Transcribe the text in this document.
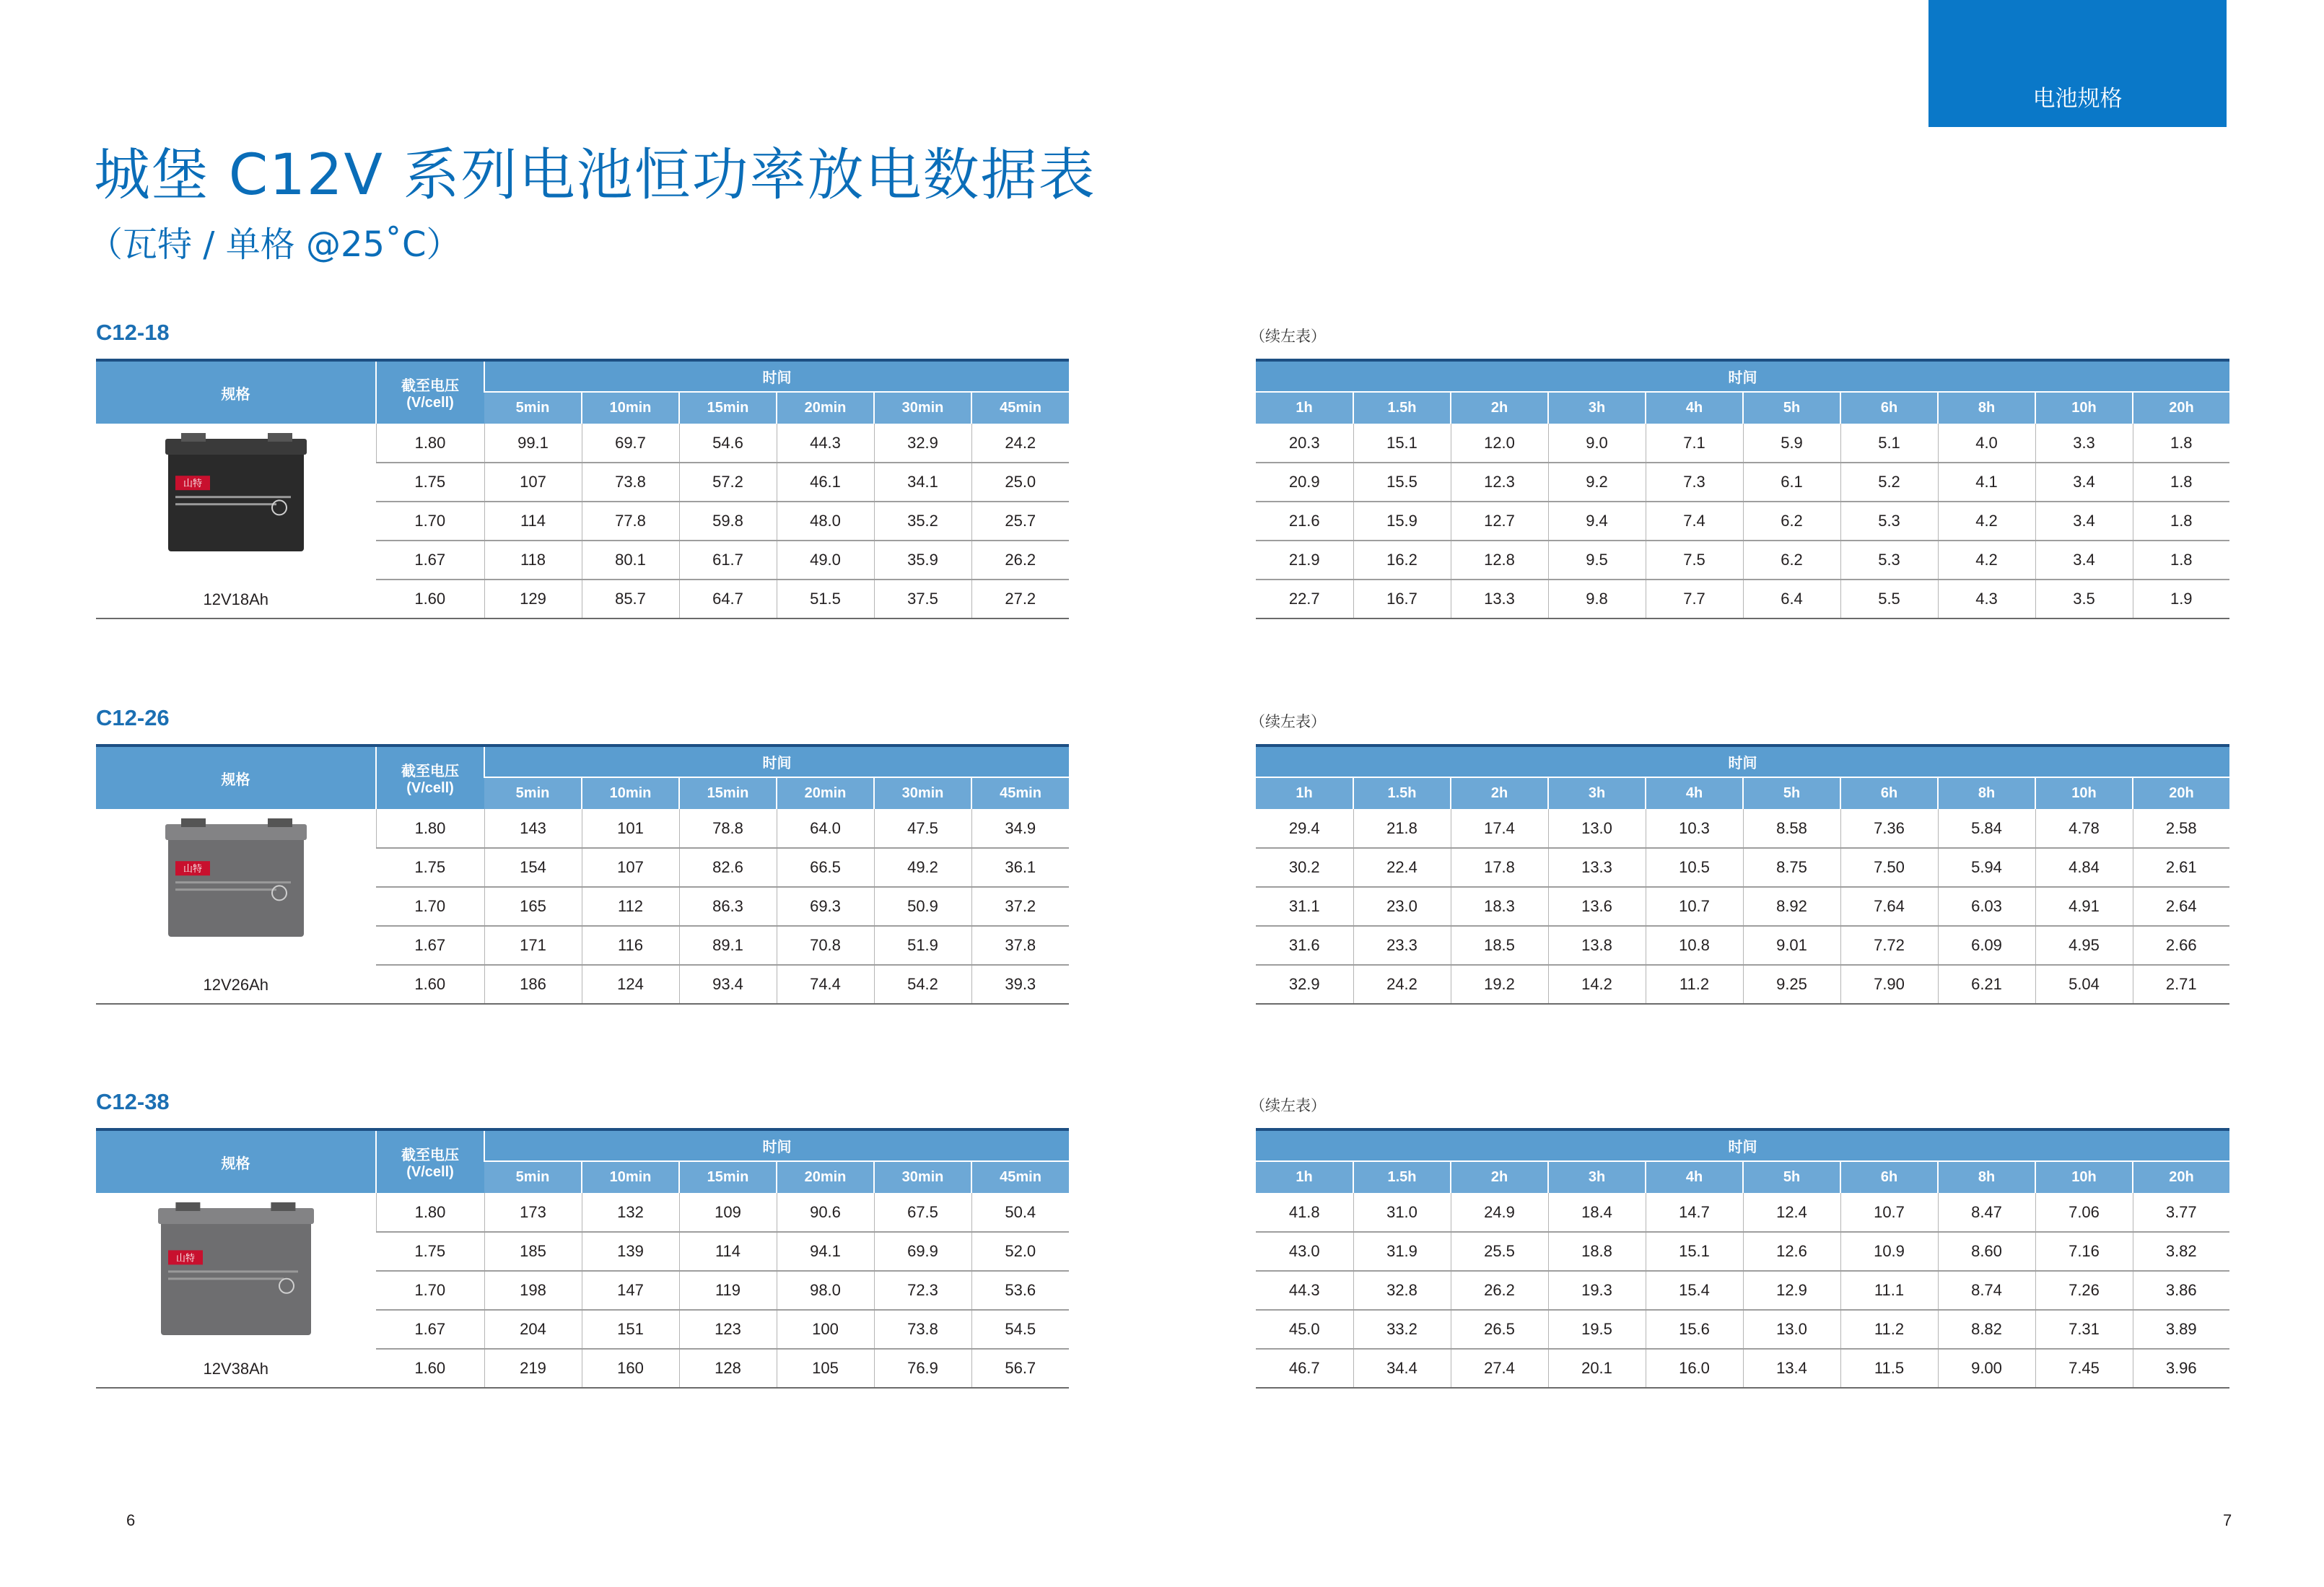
电池规格
城堡 C12V 系列电池恒功率放电数据表
（瓦特 / 单格 @25˚C）
C12-18	（续左表）
规格	截至电压
(V/cell)	时间					
		5min	10min	15min	20min	30min	45min

山特
12V18Ah	1.80	99.1	69.7	54.6	44.3	32.9	24.2
	1.75	107	73.8	57.2	46.1	34.1	25.0
	1.70	114	77.8	59.8	48.0	35.2	25.7
	1.67	118	80.1	61.7	49.0	35.9	26.2
	1.60	129	85.7	64.7	51.5	37.5	27.2
时间									
1h	1.5h	2h	3h	4h	5h	6h	8h	10h	20h
20.3	15.1	12.0	9.0	7.1	5.9	5.1	4.0	3.3	1.8
20.9	15.5	12.3	9.2	7.3	6.1	5.2	4.1	3.4	1.8
21.6	15.9	12.7	9.4	7.4	6.2	5.3	4.2	3.4	1.8
21.9	16.2	12.8	9.5	7.5	6.2	5.3	4.2	3.4	1.8
22.7	16.7	13.3	9.8	7.7	6.4	5.5	4.3	3.5	1.9
C12-26	（续左表）
规格	截至电压
(V/cell)	时间					
		5min	10min	15min	20min	30min	45min

山特
12V26Ah	1.80	143	101	78.8	64.0	47.5	34.9
	1.75	154	107	82.6	66.5	49.2	36.1
	1.70	165	112	86.3	69.3	50.9	37.2
	1.67	171	116	89.1	70.8	51.9	37.8
	1.60	186	124	93.4	74.4	54.2	39.3
时间									
1h	1.5h	2h	3h	4h	5h	6h	8h	10h	20h
29.4	21.8	17.4	13.0	10.3	8.58	7.36	5.84	4.78	2.58
30.2	22.4	17.8	13.3	10.5	8.75	7.50	5.94	4.84	2.61
31.1	23.0	18.3	13.6	10.7	8.92	7.64	6.03	4.91	2.64
31.6	23.3	18.5	13.8	10.8	9.01	7.72	6.09	4.95	2.66
32.9	24.2	19.2	14.2	11.2	9.25	7.90	6.21	5.04	2.71
C12-38	（续左表）
规格	截至电压
(V/cell)	时间					
		5min	10min	15min	20min	30min	45min

山特
12V38Ah	1.80	173	132	109	90.6	67.5	50.4
	1.75	185	139	114	94.1	69.9	52.0
	1.70	198	147	119	98.0	72.3	53.6
	1.67	204	151	123	100	73.8	54.5
	1.60	219	160	128	105	76.9	56.7
时间									
1h	1.5h	2h	3h	4h	5h	6h	8h	10h	20h
41.8	31.0	24.9	18.4	14.7	12.4	10.7	8.47	7.06	3.77
43.0	31.9	25.5	18.8	15.1	12.6	10.9	8.60	7.16	3.82
44.3	32.8	26.2	19.3	15.4	12.9	11.1	8.74	7.26	3.86
45.0	33.2	26.5	19.5	15.6	13.0	11.2	8.82	7.31	3.89
46.7	34.4	27.4	20.1	16.0	13.4	11.5	9.00	7.45	3.96
6	7
